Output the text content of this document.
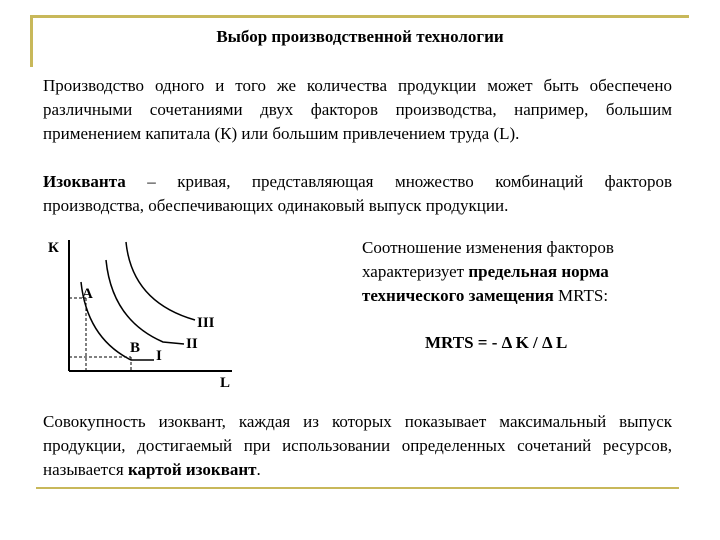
Выбор производственной технологии
Производство одного и того же количества продукции может быть обеспечено различными сочетаниями двух факторов производства, например, большим применением капитала (К) или большим привлечением труда (L).
Изокванта – кривая, представляющая множество комбинаций факторов производства, обеспечивающих одинаковый выпуск продукции.
К
A
B I
II
III
L
Соотношение изменения факторов характеризует предельная норма технического замещения MRTS:
MRTS = - Δ K / Δ L
Совокупность изоквант, каждая из которых показывает максимальный выпуск продукции, достигаемый при использовании определенных сочетаний ресурсов, называется картой изоквант.
